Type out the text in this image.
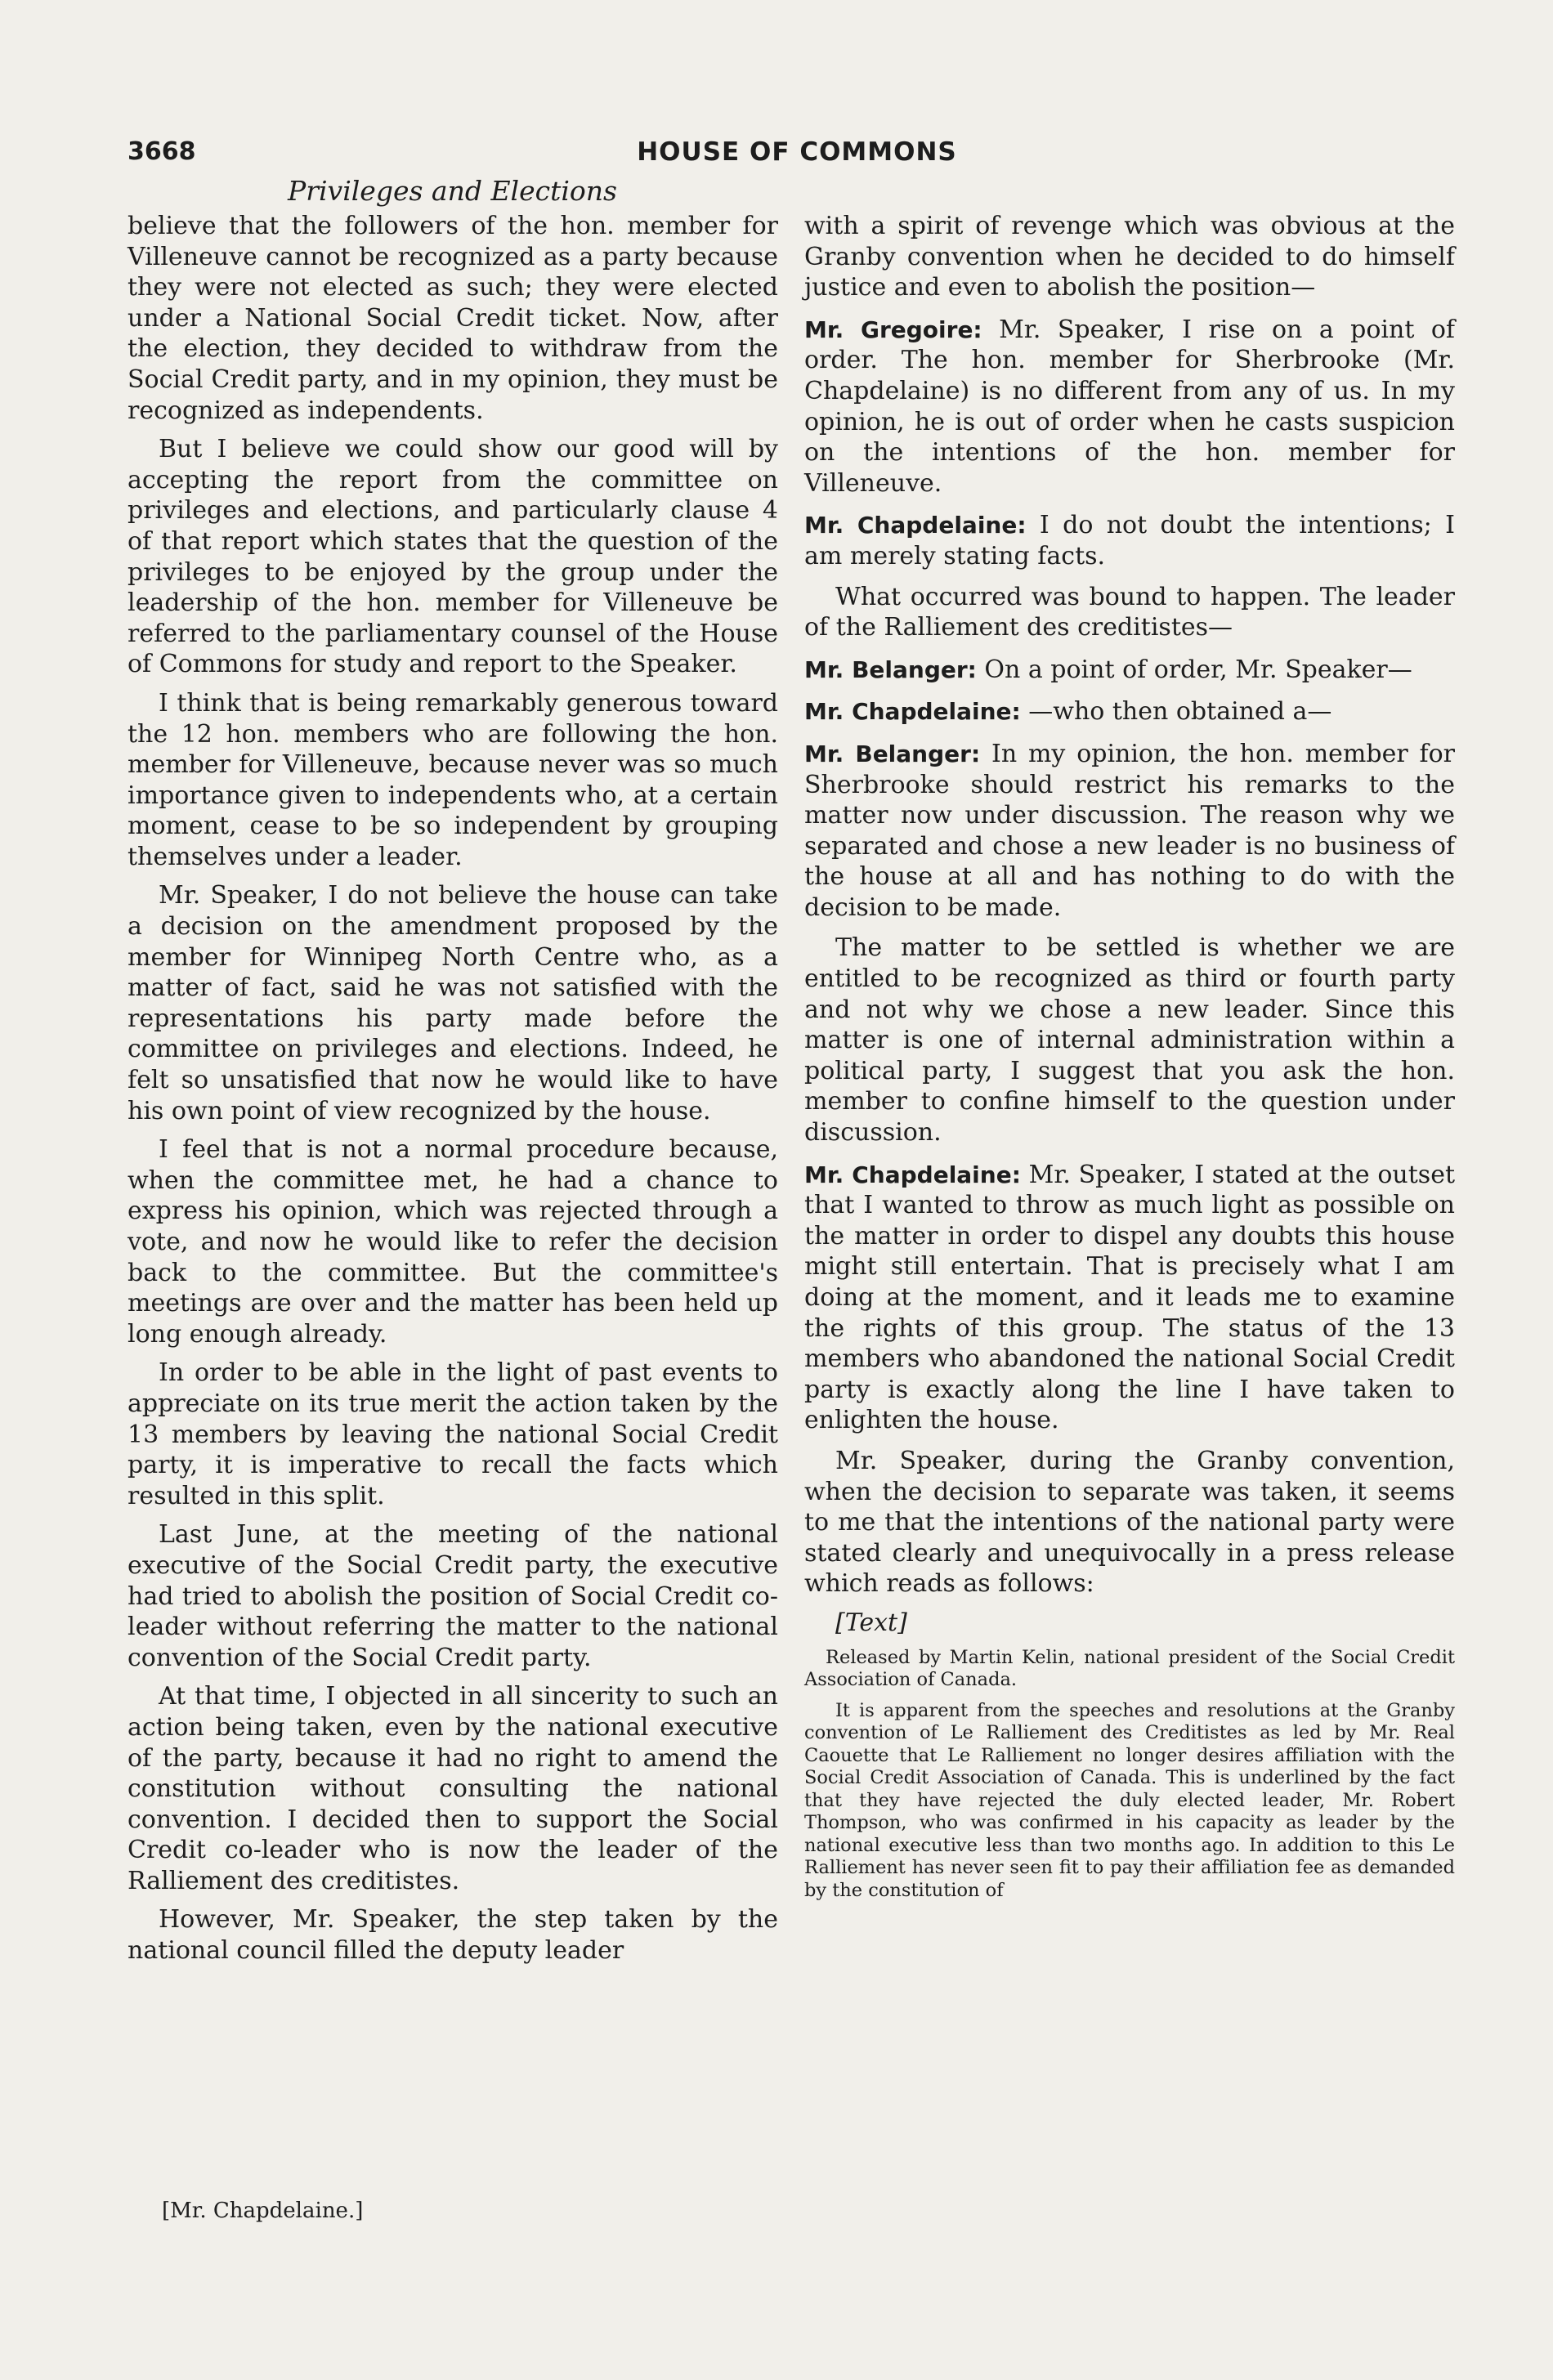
3668	HOUSE OF COMMONS
Privileges and Elections

believe that the followers of the hon. member for Villeneuve cannot be recognized as a party because they were not elected as such; they were elected under a National Social Credit ticket. Now, after the election, they decided to withdraw from the Social Credit party, and in my opinion, they must be recognized as independents.

But I believe we could show our good will by accepting the report from the committee on privileges and elections, and particularly clause 4 of that report which states that the question of the privileges to be enjoyed by the group under the leadership of the hon. member for Villeneuve be referred to the parliamentary counsel of the House of Commons for study and report to the Speaker.

I think that is being remarkably generous toward the 12 hon. members who are following the hon. member for Villeneuve, because never was so much importance given to independents who, at a certain moment, cease to be so independent by grouping themselves under a leader.

Mr. Speaker, I do not believe the house can take a decision on the amendment proposed by the member for Winnipeg North Centre who, as a matter of fact, said he was not satisfied with the representations his party made before the committee on privileges and elections. Indeed, he felt so unsatisfied that now he would like to have his own point of view recognized by the house.

I feel that is not a normal procedure because, when the committee met, he had a chance to express his opinion, which was rejected through a vote, and now he would like to refer the decision back to the committee. But the committee's meetings are over and the matter has been held up long enough already.

In order to be able in the light of past events to appreciate on its true merit the action taken by the 13 members by leaving the national Social Credit party, it is imperative to recall the facts which resulted in this split.

Last June, at the meeting of the national executive of the Social Credit party, the executive had tried to abolish the position of Social Credit co-leader without referring the matter to the national convention of the Social Credit party.

At that time, I objected in all sincerity to such an action being taken, even by the national executive of the party, because it had no right to amend the constitution without consulting the national convention. I decided then to support the Social Credit co-leader who is now the leader of the Ralliement des creditistes.

However, Mr. Speaker, the step taken by the national council filled the deputy leader

with a spirit of revenge which was obvious at the Granby convention when he decided to do himself justice and even to abolish the position—

Mr. Gregoire: Mr. Speaker, I rise on a point of order. The hon. member for Sherbrooke (Mr. Chapdelaine) is no different from any of us. In my opinion, he is out of order when he casts suspicion on the intentions of the hon. member for Villeneuve.

Mr. Chapdelaine: I do not doubt the intentions; I am merely stating facts.

What occurred was bound to happen. The leader of the Ralliement des creditistes—

Mr. Belanger: On a point of order, Mr. Speaker—

Mr. Chapdelaine: —who then obtained a—

Mr. Belanger: In my opinion, the hon. member for Sherbrooke should restrict his remarks to the matter now under discussion. The reason why we separated and chose a new leader is no business of the house at all and has nothing to do with the decision to be made.

The matter to be settled is whether we are entitled to be recognized as third or fourth party and not why we chose a new leader. Since this matter is one of internal administration within a political party, I suggest that you ask the hon. member to confine himself to the question under discussion.

Mr. Chapdelaine: Mr. Speaker, I stated at the outset that I wanted to throw as much light as possible on the matter in order to dispel any doubts this house might still entertain. That is precisely what I am doing at the moment, and it leads me to examine the rights of this group. The status of the 13 members who abandoned the national Social Credit party is exactly along the line I have taken to enlighten the house.

Mr. Speaker, during the Granby convention, when the decision to separate was taken, it seems to me that the intentions of the national party were stated clearly and unequivocally in a press release which reads as follows:

[Text]

Released by Martin Kelin, national president of the Social Credit Association of Canada.

It is apparent from the speeches and resolutions at the Granby convention of Le Ralliement des Creditistes as led by Mr. Real Caouette that Le Ralliement no longer desires affiliation with the Social Credit Association of Canada. This is underlined by the fact that they have rejected the duly elected leader, Mr. Robert Thompson, who was confirmed in his capacity as leader by the national executive less than two months ago. In addition to this Le Ralliement has never seen fit to pay their affiliation fee as demanded by the constitution of

[Mr. Chapdelaine.]
